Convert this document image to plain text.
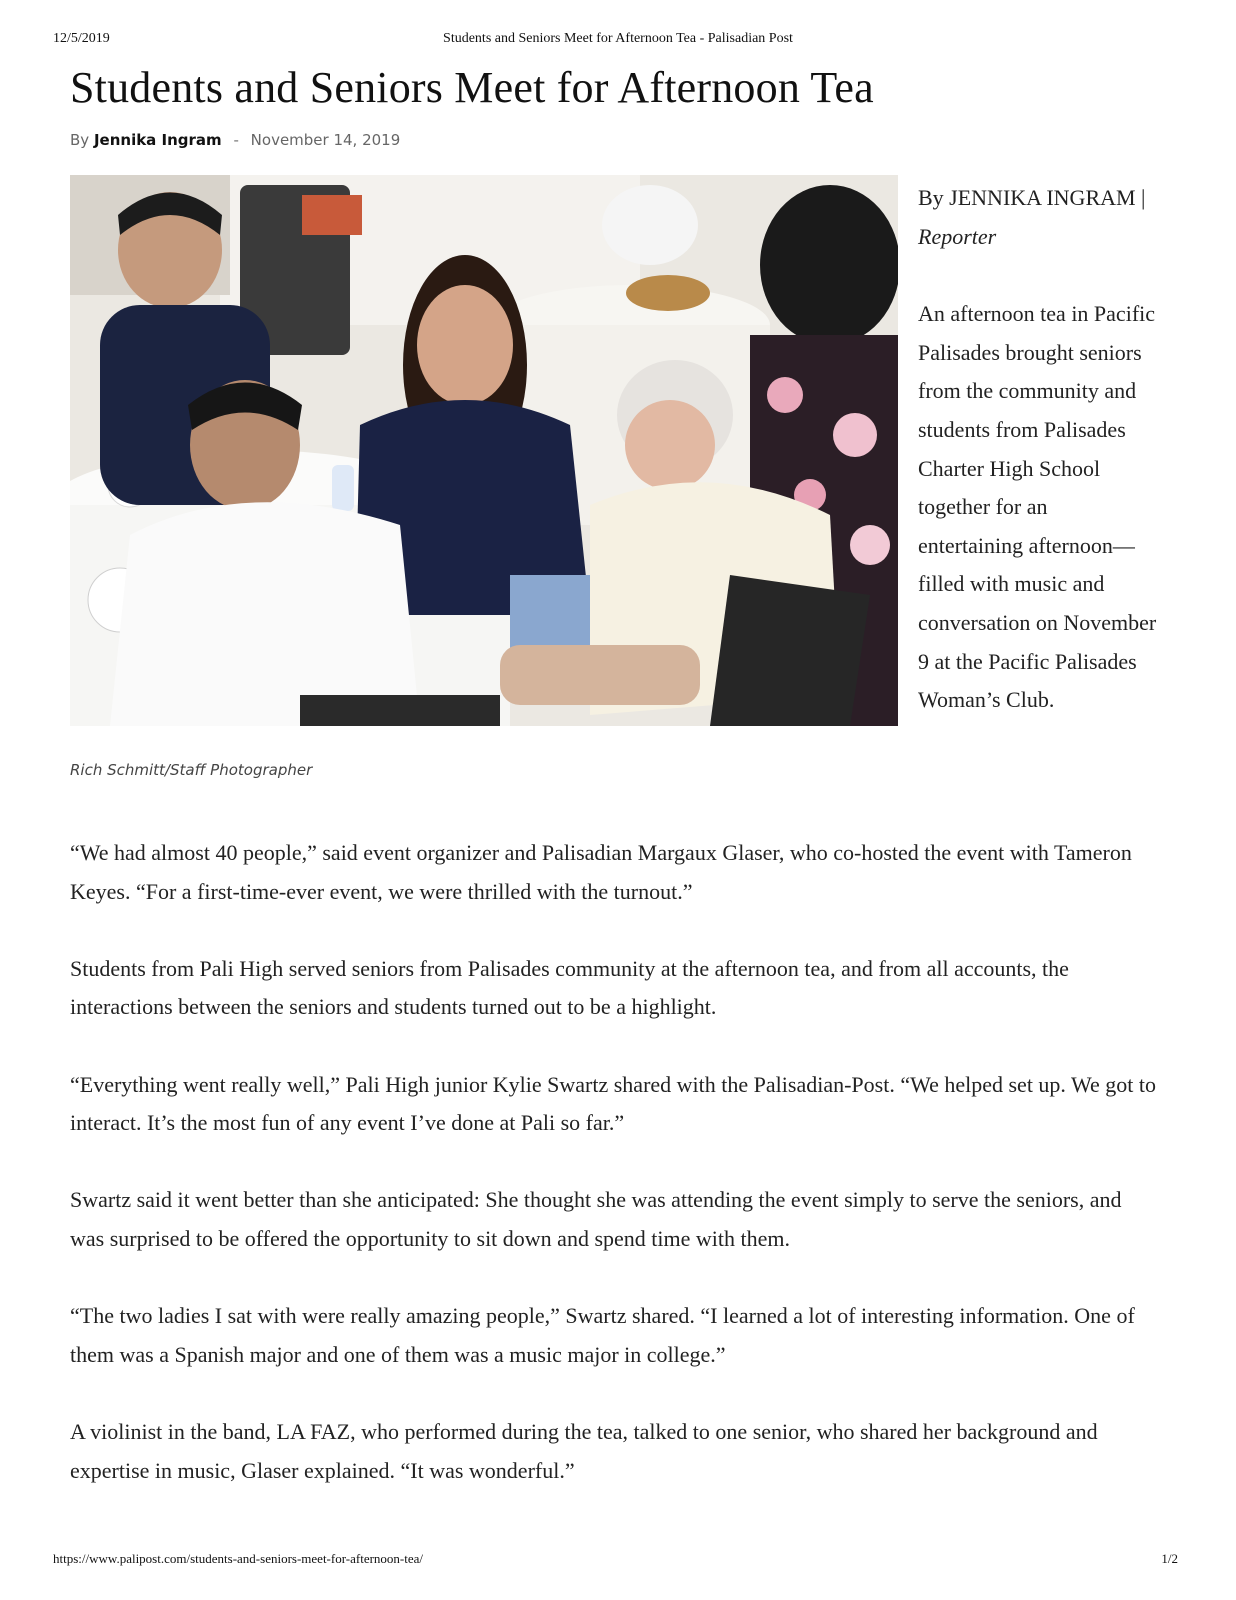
12/5/2019	Students and Seniors Meet for Afternoon Tea - Palisadian Post
Students and Seniors Meet for Afternoon Tea
By Jennika Ingram - November 14, 2019
Rich Schmitt/Staff Photographer

By JENNIKA INGRAM | Reporter

An afternoon tea in Pacific Palisades brought seniors from the community and students from Palisades Charter High School together for an entertaining afternoon—filled with music and conversation on November 9 at the Pacific Palisades Woman’s Club.

“We had almost 40 people,” said event organizer and Palisadian Margaux Glaser, who co-hosted the event with Tameron Keyes. “For a first-time-ever event, we were thrilled with the turnout.”

Students from Pali High served seniors from Palisades community at the afternoon tea, and from all accounts, the interactions between the seniors and students turned out to be a highlight.

“Everything went really well,” Pali High junior Kylie Swartz shared with the Palisadian-Post. “We helped set up. We got to interact. It’s the most fun of any event I’ve done at Pali so far.”

Swartz said it went better than she anticipated: She thought she was attending the event simply to serve the seniors, and was surprised to be offered the opportunity to sit down and spend time with them.

“The two ladies I sat with were really amazing people,” Swartz shared. “I learned a lot of interesting information. One of them was a Spanish major and one of them was a music major in college.”

A violinist in the band, LA FAZ, who performed during the tea, talked to one senior, who shared her background and expertise in music, Glaser explained. “It was wonderful.”

https://www.palipost.com/students-and-seniors-meet-for-afternoon-tea/	1/2
